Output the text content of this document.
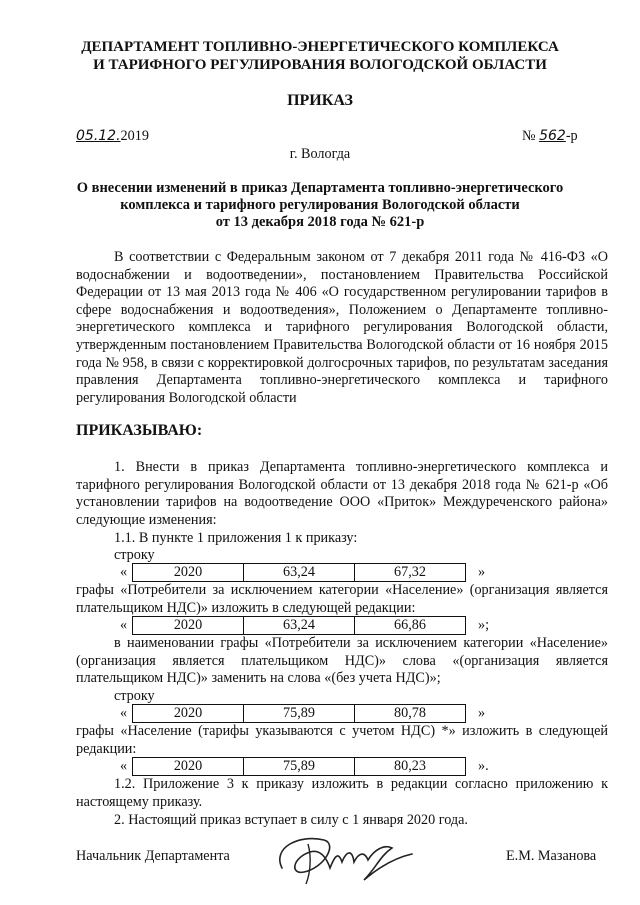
ДЕПАРТАМЕНТ ТОПЛИВНО-ЭНЕРГЕТИЧЕСКОГО КОМПЛЕКСА
И ТАРИФНОГО РЕГУЛИРОВАНИЯ ВОЛОГОДСКОЙ ОБЛАСТИ
ПРИКАЗ
05.12.2019	№ 562-р
г. Вологда
О внесении изменений в приказ Департамента топливно-энергетического
комплекса и тарифного регулирования Вологодской области
от 13 декабря 2018 года № 621-р
В соответствии с Федеральным законом от 7 декабря 2011 года № 416-ФЗ «О водоснабжении и водоотведении», постановлением Правительства Российской Федерации от 13 мая 2013 года № 406 «О государственном регулировании тарифов в сфере водоснабжения и водоотведения», Положением о Департаменте топливно-энергетического комплекса и тарифного регулирования Вологодской области, утвержденным постановлением Правительства Вологодской области от 16 ноября 2015 года № 958, в связи с корректировкой долгосрочных тарифов, по результатам заседания правления Департамента топливно-энергетического комплекса и тарифного регулирования Вологодской области
ПРИКАЗЫВАЮ:
1. Внести в приказ Департамента топливно-энергетического комплекса и тарифного регулирования Вологодской области от 13 декабря 2018 года № 621-р «Об установлении тарифов на водоотведение ООО «Приток» Междуреченского района» следующие изменения:
1.1. В пункте 1 приложения 1 к приказу:
строку
«	2020	63,24	67,32	»
графы «Потребители за исключением категории «Население» (организация является плательщиком НДС)» изложить в следующей редакции:
«	2020	63,24	66,86	»;
в наименовании графы «Потребители за исключением категории «Население» (организация является плательщиком НДС)» слова «(организация является плательщиком НДС)» заменить на слова «(без учета НДС)»;
строку
«	2020	75,89	80,78	»
графы «Население (тарифы указываются с учетом НДС) *» изложить в следующей редакции:
«	2020	75,89	80,23	».
1.2. Приложение 3 к приказу изложить в редакции согласно приложению к настоящему приказу.
2. Настоящий приказ вступает в силу с 1 января 2020 года.
Начальник Департамента	Е.М. Мазанова
